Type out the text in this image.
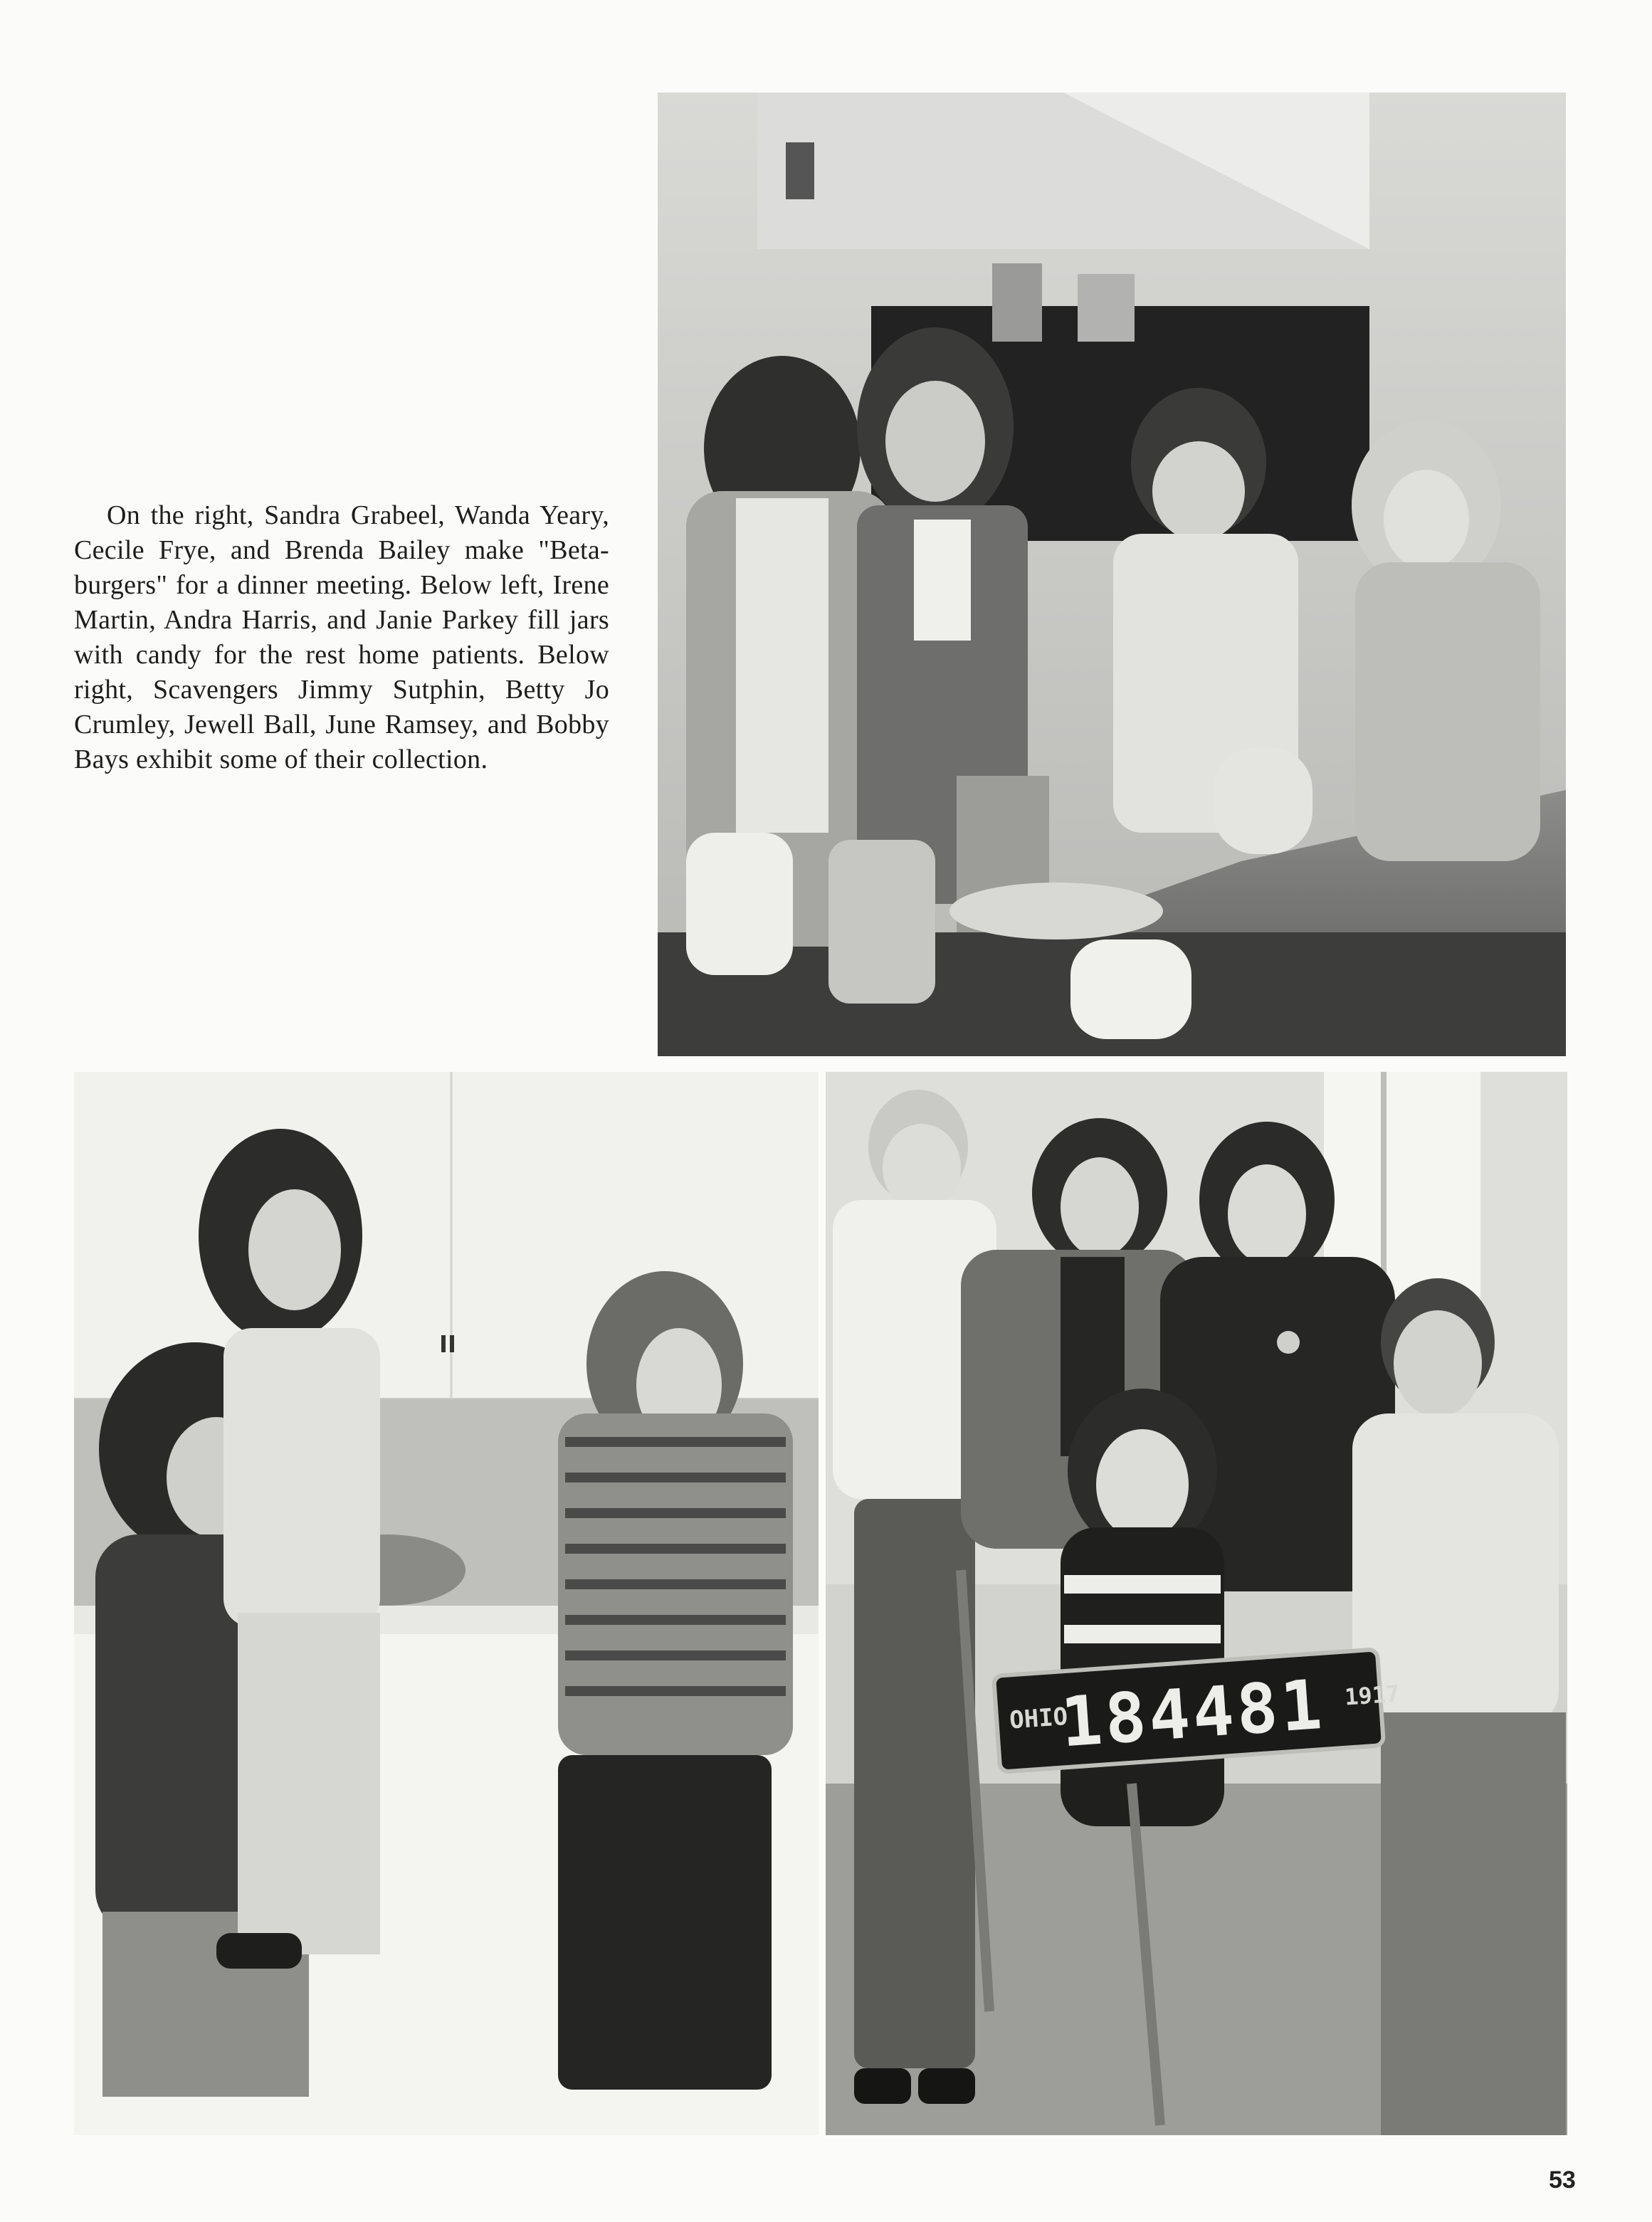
On the right, Sandra Grabeel, Wanda Yeary, Cecile Frye, and Brenda Bailey make "Beta-burgers" for a dinner meeting. Below left, Irene Martin, Andra Harris, and Janie Parkey fill jars with candy for the rest home patients. Below right, Scavengers Jimmy Sutphin, Betty Jo Crumley, Jewell Ball, June Ramsey, and Bobby Bays exhibit some of their collection.

OHIO
184481 1917
53
